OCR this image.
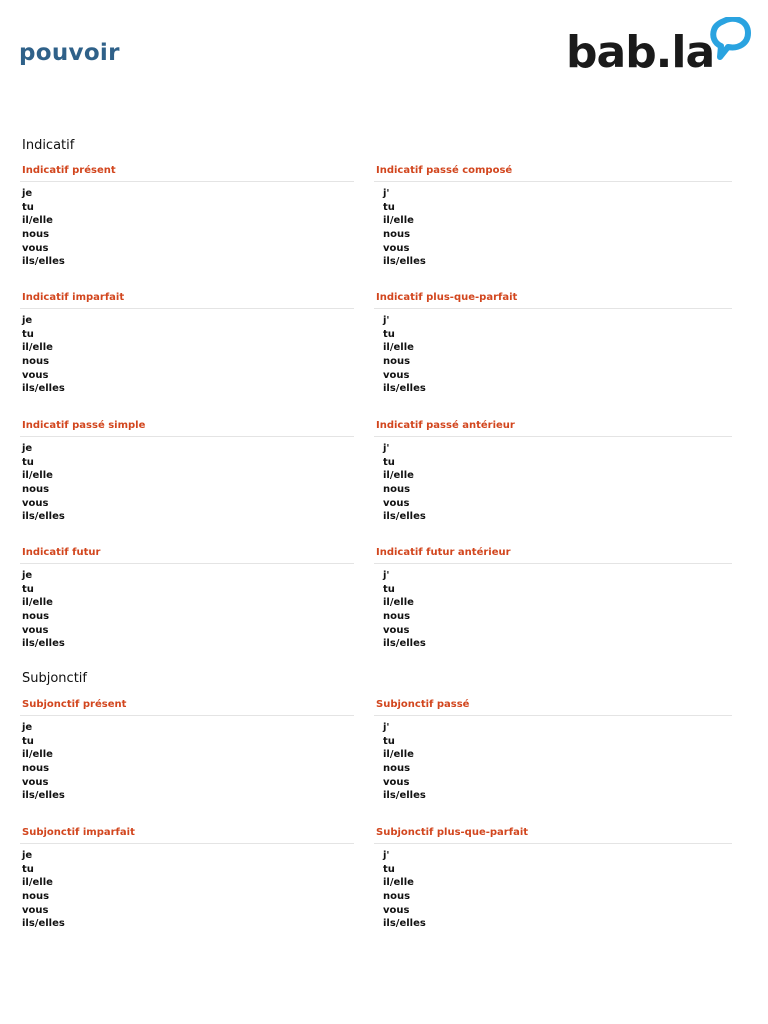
pouvoir	bab.la
Indicatif
Indicatif présent
je
tu
il/elle
nous
vous
ils/elles
Indicatif passé composé
j'
tu
il/elle
nous
vous
ils/elles
Indicatif imparfait
je
tu
il/elle
nous
vous
ils/elles
Indicatif plus-que-parfait
j'
tu
il/elle
nous
vous
ils/elles
Indicatif passé simple
je
tu
il/elle
nous
vous
ils/elles
Indicatif passé antérieur
j'
tu
il/elle
nous
vous
ils/elles
Indicatif futur
je
tu
il/elle
nous
vous
ils/elles
Indicatif futur antérieur
j'
tu
il/elle
nous
vous
ils/elles
Subjonctif
Subjonctif présent
je
tu
il/elle
nous
vous
ils/elles
Subjonctif passé
j'
tu
il/elle
nous
vous
ils/elles
Subjonctif imparfait
je
tu
il/elle
nous
vous
ils/elles
Subjonctif plus-que-parfait
j'
tu
il/elle
nous
vous
ils/elles
